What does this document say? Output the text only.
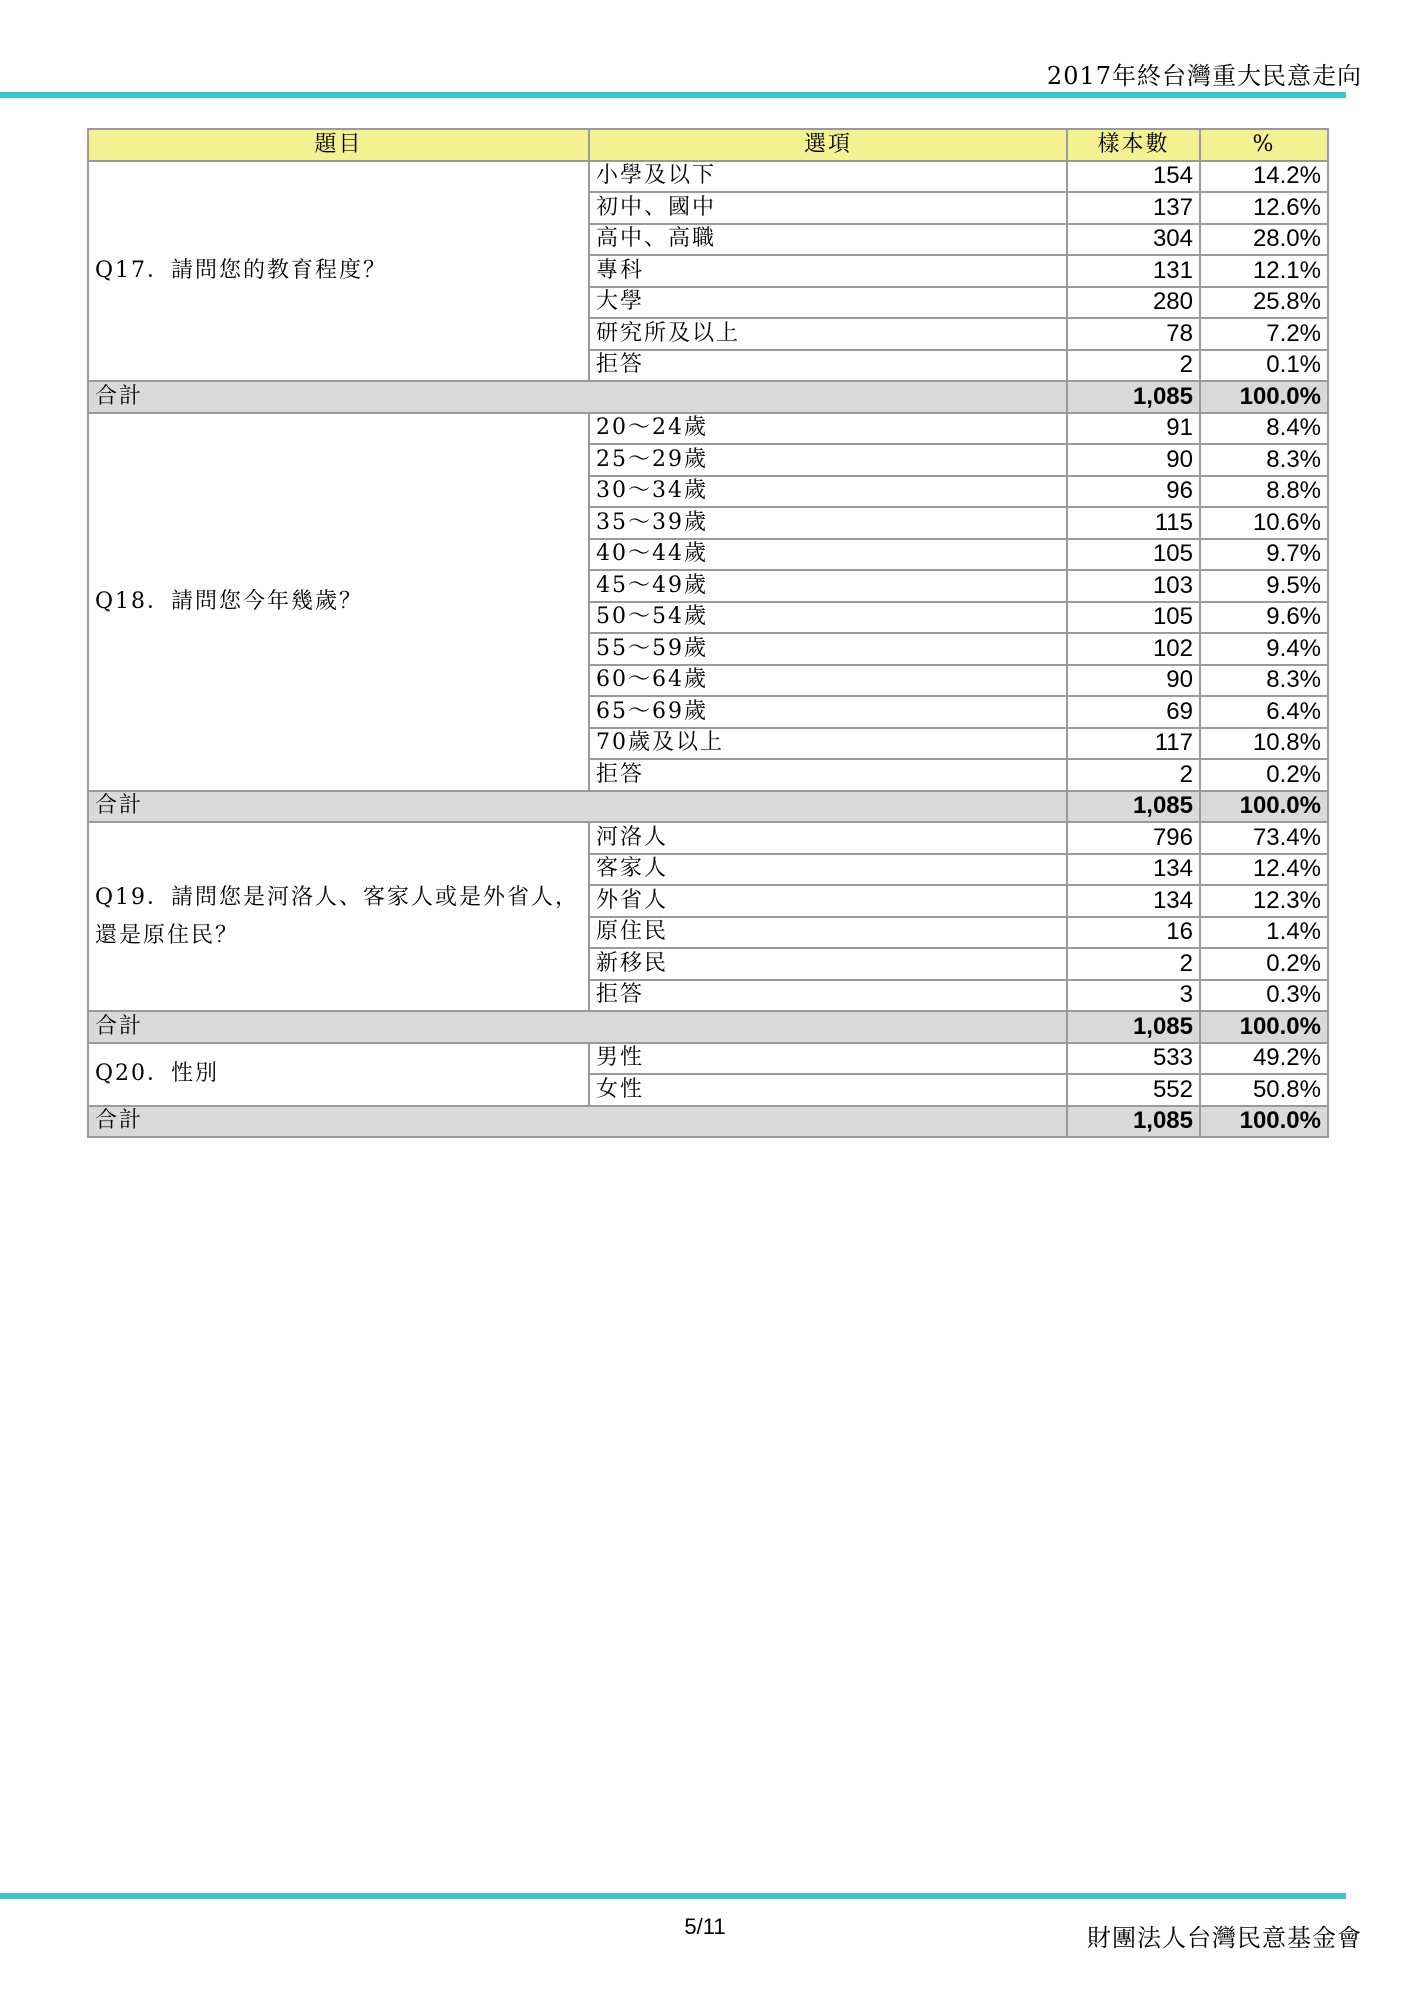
2017年終台灣重大民意走向
題目	選項	樣本數	%
Q17．請問您的教育程度？	小學及以下	154	14.2%
	初中、國中	137	12.6%
	高中、高職	304	28.0%
	專科	131	12.1%
	大學	280	25.8%
	研究所及以上	78	7.2%
	拒答	2	0.1%
合計		1,085	100.0%
Q18．請問您今年幾歲？	20～24歲	91	8.4%
	25～29歲	90	8.3%
	30～34歲	96	8.8%
	35～39歲	115	10.6%
	40～44歲	105	9.7%
	45～49歲	103	9.5%
	50～54歲	105	9.6%
	55～59歲	102	9.4%
	60～64歲	90	8.3%
	65～69歲	69	6.4%
	70歲及以上	117	10.8%
	拒答	2	0.2%
合計		1,085	100.0%
Q19．請問您是河洛人、客家人或是外省人，還是原住民？	河洛人	796	73.4%
	客家人	134	12.4%
	外省人	134	12.3%
	原住民	16	1.4%
	新移民	2	0.2%
	拒答	3	0.3%
合計		1,085	100.0%
Q20．性別	男性	533	49.2%
	女性	552	50.8%
合計		1,085	100.0%
5/11	財團法人台灣民意基金會
